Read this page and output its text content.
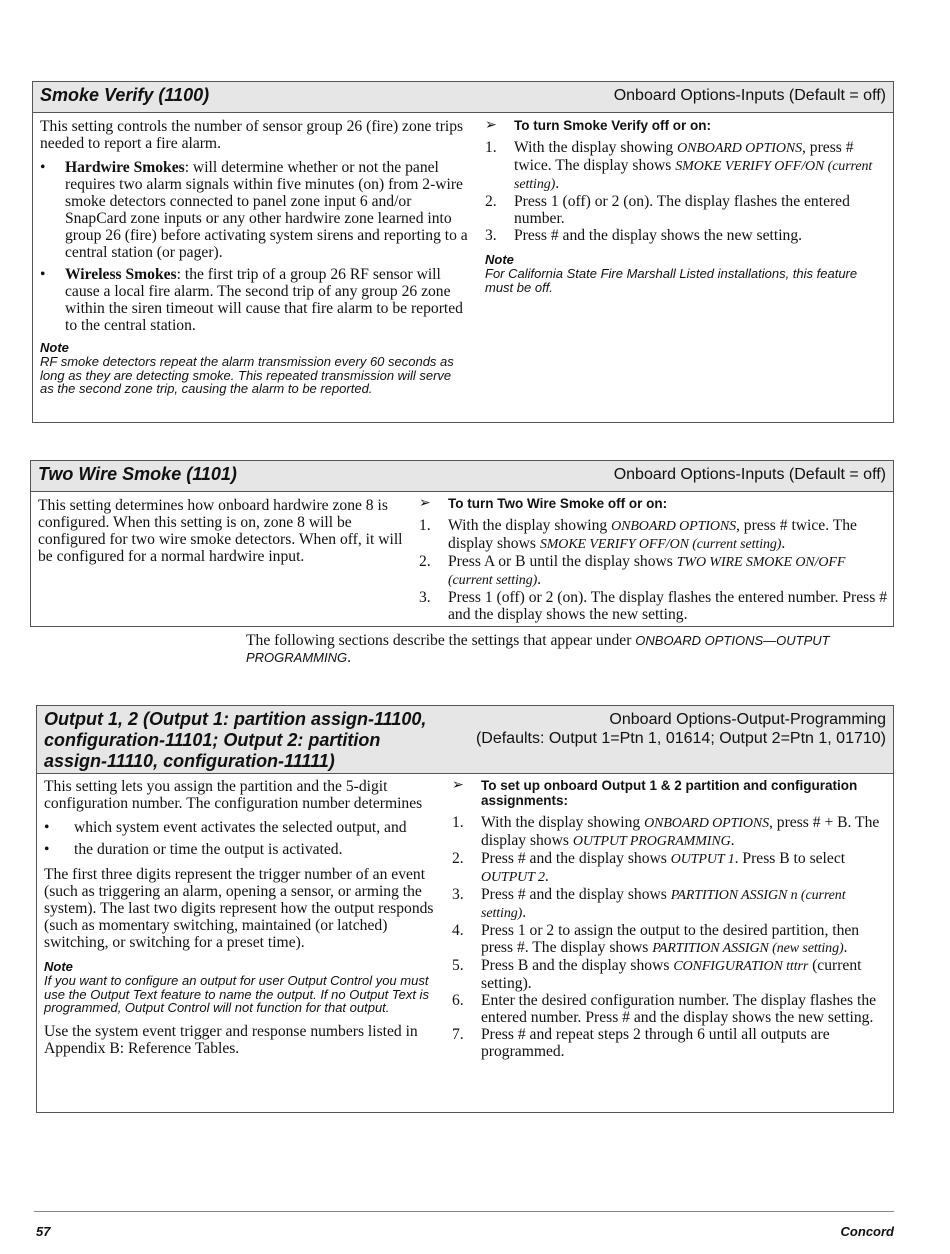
Smoke Verify (1100)	Onboard Options-Inputs (Default = off)

This setting controls the number of sensor group 26 (fire) zone trips needed to report a fire alarm.

• Hardwire Smokes: will determine whether or not the panel requires two alarm signals within five minutes (on) from 2-wire smoke detectors connected to panel zone input 6 and/or SnapCard zone inputs or any other hardwire zone learned into group 26 (fire) before activating system sirens and reporting to a central station (or pager).
• Wireless Smokes: the first trip of a group 26 RF sensor will cause a local fire alarm. The second trip of any group 26 zone within the siren timeout will cause that fire alarm to be reported to the central station.
Note
RF smoke detectors repeat the alarm transmission every 60 seconds as long as they are detecting smoke. This repeated transmission will serve as the second zone trip, causing the alarm to be reported.
➢ To turn Smoke Verify off or on:
1. With the display showing ONBOARD OPTIONS, press # twice. The display shows SMOKE VERIFY OFF/ON (current setting).
2. Press 1 (off) or 2 (on). The display flashes the entered number.
3. Press # and the display shows the new setting.
Note
For California State Fire Marshall Listed installations, this feature must be off.
Two Wire Smoke (1101)	Onboard Options-Inputs (Default = off)

This setting determines how onboard hardwire zone 8 is configured. When this setting is on, zone 8 will be configured for two wire smoke detectors. When off, it will be configured for a normal hardwire input.

➢ To turn Two Wire Smoke off or on:
1. With the display showing ONBOARD OPTIONS, press # twice. The display shows SMOKE VERIFY OFF/ON (current setting).
2. Press A or B until the display shows TWO WIRE SMOKE ON/OFF (current setting).
3. Press 1 (off) or 2 (on). The display flashes the entered number. Press # and the display shows the new setting.
The following sections describe the settings that appear under ONBOARD OPTIONS—OUTPUT PROGRAMMING.
Output 1, 2 (Output 1: partition assign-11100, configuration-11101; Output 2: partition assign-11110, configuration-11111)
Onboard Options-Output-Programming
(Defaults: Output 1=Ptn 1, 01614; Output 2=Ptn 1, 01710)

This setting lets you assign the partition and the 5-digit configuration number. The configuration number determines

• which system event activates the selected output, and
• the duration or time the output is activated.

The first three digits represent the trigger number of an event (such as triggering an alarm, opening a sensor, or arming the system). The last two digits represent how the output responds (such as momentary switching, maintained (or latched) switching, or switching for a preset time).

Note
If you want to configure an output for user Output Control you must use the Output Text feature to name the output. If no Output Text is programmed, Output Control will not function for that output.

Use the system event trigger and response numbers listed in Appendix B: Reference Tables.

➢ To set up onboard Output 1 & 2 partition and configuration assignments:
1. With the display showing ONBOARD OPTIONS, press # + B. The display shows OUTPUT PROGRAMMING.
2. Press # and the display shows OUTPUT 1. Press B to select OUTPUT 2.
3. Press # and the display shows PARTITION ASSIGN n (current setting).
4. Press 1 or 2 to assign the output to the desired partition, then press #. The display shows PARTITION ASSIGN (new setting).
5. Press B and the display shows CONFIGURATION tttrr (current setting).
6. Enter the desired configuration number. The display flashes the entered number. Press # and the display shows the new setting.
7. Press # and repeat steps 2 through 6 until all outputs are programmed.
57	Concord
